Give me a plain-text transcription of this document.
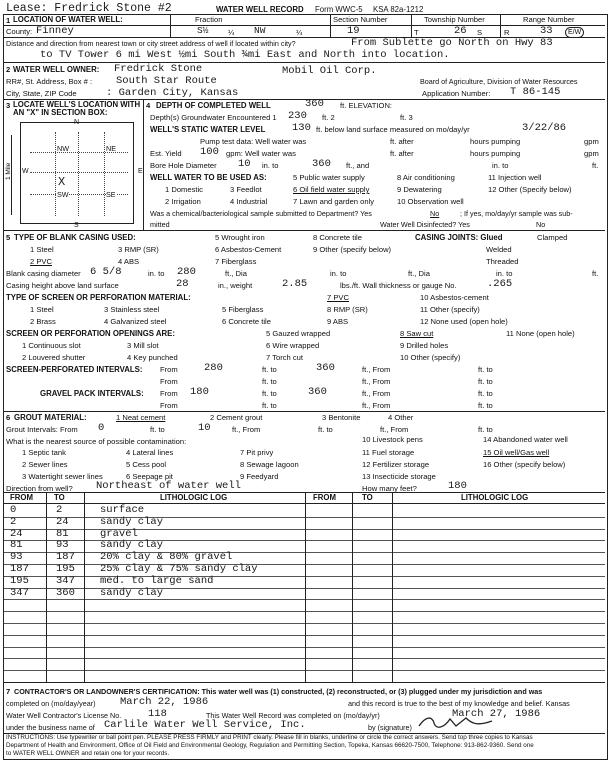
Lease: Fredrick Stone #2	WATER WELL RECORD Form WWC-5 KSA 82a-1212
1 LOCATION OF WATER WELL:	Fraction	Section Number	Township Number	Range Number
County: Finney	S½	¼ NW	¼	19	T	26 S	R	33	E/W
Distance and direction from nearest town or city street address of well if located within city?	From Sublette go North on Hwy 83
to TV Tower 6 mi West ½mi South ¾mi East and North into location.
2 WATER WELL OWNER: Fredrick Stone	Mobil Oil Corp.
RR#, St. Address, Box # : South Star Route	Board of Agriculture, Division of Water Resources
City, State, ZIP Code	: Garden City, Kansas	Application Number: T 86-145
3 LOCATE WELL'S LOCATION WITH AN "X" IN SECTION BOX:
N
S
W	E
NW	NE
SW	SE
X
1 Mile
4 DEPTH OF COMPLETED WELL	360 ft. ELEVATION:
Depth(s) Groundwater Encountered 1 230 ft. 2	ft. 3
WELL'S STATIC WATER LEVEL	130 ft. below land surface measured on mo/day/yr	3/22/86
Pump test data: Well water was	ft. after	hours pumping	gpm
Est. Yield 100 gpm: Well water was	ft. after	hours pumping	gpm
Bore Hole Diameter 10 in. to	360 ft., and	in. to	ft.
WELL WATER TO BE USED AS:	5 Public water supply	8 Air conditioning	11 Injection well
1 Domestic	3 Feedlot	6 Oil field water supply	9 Dewatering	12 Other (Specify below)
2 Irrigation	4 Industrial	7 Lawn and garden only	10 Observation well
Was a chemical/bacteriological sample submitted to Department? Yes	No	; If yes, mo/day/yr sample was sub-
mitted	Water Well Disinfected? Yes	No
5 TYPE OF BLANK CASING USED:	5 Wrought iron	8 Concrete tile	CASING JOINTS: Glued	Clamped
1 Steel	3 RMP (SR)	6 Asbestos-Cement	9 Other (specify below)	Welded
2 PVC	4 ABS	7 Fiberglass	Threaded
Blank casing diameter 6 5/8	in. to 280	ft., Dia	in. to	ft., Dia	in. to	ft.
Casing height above land surface	28	in., weight	2.85	lbs./ft. Wall thickness or gauge No.	.265
TYPE OF SCREEN OR PERFORATION MATERIAL:	7 PVC	10 Asbestos-cement
1 Steel	3 Stainless steel	5 Fiberglass	8 RMP (SR)	11 Other (specify)
2 Brass	4 Galvanized steel	6 Concrete tile	9 ABS	12 None used (open hole)
SCREEN OR PERFORATION OPENINGS ARE:	5 Gauzed wrapped	8 Saw cut	11 None (open hole)
1 Continuous slot	3 Mill slot	6 Wire wrapped	9 Drilled holes
2 Louvered shutter	4 Key punched	7 Torch cut	10 Other (specify)
SCREEN-PERFORATED INTERVALS: From	280	ft. to	360	ft., From	ft. to
From	ft. to	ft., From	ft. to
GRAVEL PACK INTERVALS: From 180	ft. to	360	ft., From	ft. to
From	ft. to	ft., From	ft. to
6 GROUT MATERIAL:	1 Neat cement	2 Cement grout	3 Bentonite	4 Other
Grout Intervals: From 0	ft. to	10	ft., From	ft. to	ft., From	ft. to
What is the nearest source of possible contamination:	10 Livestock pens	14 Abandoned water well
1 Septic tank	4 Lateral lines	7 Pit privy	11 Fuel storage	15 Oil well/Gas well
2 Sewer lines	5 Cess pool	8 Sewage lagoon	12 Fertilizer storage	16 Other (specify below)
3 Watertight sewer lines	6 Seepage pit	9 Feedyard	13 Insecticide storage
Direction from well? Northeast of water well	How many feet?	180
FROM	TO	LITHOLOGIC LOG	FROM	TO	LITHOLOGIC LOG
0	2	surface
2	24	sandy clay
24	81	gravel
81	93	sandy clay
93	187 20% clay & 80% gravel
187	195 25% clay & 75% sandy clay
195	347 med. to large sand
347	360 sandy clay
7 CONTRACTOR'S OR LANDOWNER'S CERTIFICATION: This water well was (1) constructed, (2) reconstructed, or (3) plugged under my jurisdiction and was
completed on (mo/day/year) March 22, 1986	and this record is true to the best of my knowledge and belief. Kansas
Water Well Contractor's License No.	118	This Water Well Record was completed on (mo/day/yr)	March 27, 1986
under the business name of Carlile Water Well Service, Inc.	by (signature)
INSTRUCTIONS: Use typewriter or ball point pen. PLEASE PRESS FIRMLY and PRINT clearly. Please fill in blanks, underline or circle the correct answers. Send top three copies to Kansas
Department of Health and Environment, Office of Oil Field and Environmental Geology, Regulation and Permitting Section, Topeka, Kansas 66620-7500, Telephone: 913-862-9360. Send one
to WATER WELL OWNER and retain one for your records.
